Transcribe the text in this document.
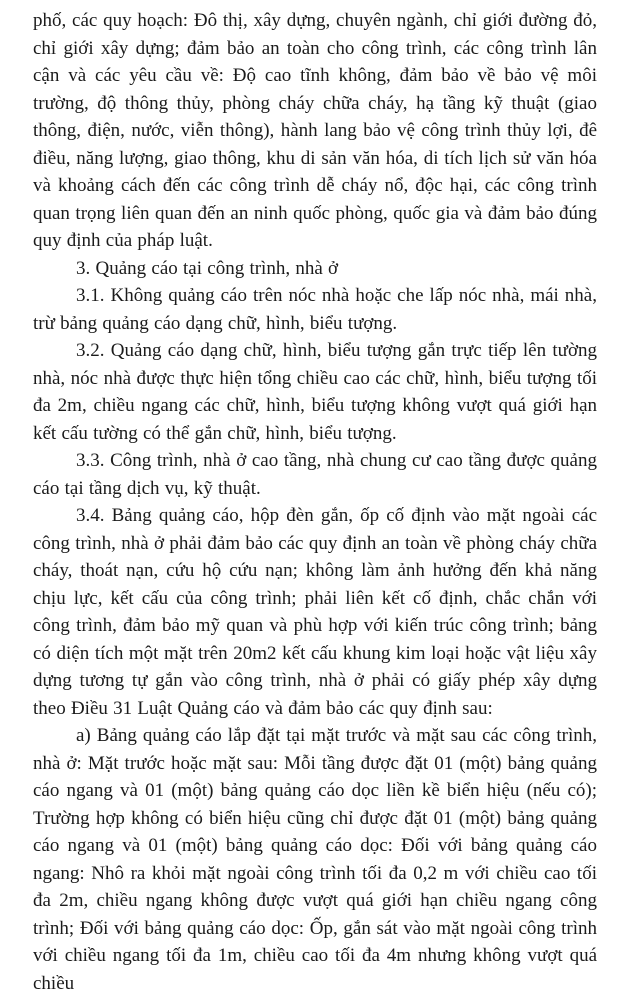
phố, các quy hoạch: Đô thị, xây dựng, chuyên ngành, chỉ giới đường đỏ, chỉ giới xây dựng; đảm bảo an toàn cho công trình, các công trình lân cận và các yêu cầu về: Độ cao tĩnh không, đảm bảo về bảo vệ môi trường, độ thông thủy, phòng cháy chữa cháy, hạ tầng kỹ thuật (giao thông, điện, nước, viễn thông), hành lang bảo vệ công trình thủy lợi, đê điều, năng lượng, giao thông, khu di sản văn hóa, di tích lịch sử văn hóa và khoảng cách đến các công trình dễ cháy nổ, độc hại, các công trình quan trọng liên quan đến an ninh quốc phòng, quốc gia và đảm bảo đúng quy định của pháp luật.

3. Quảng cáo tại công trình, nhà ở

3.1. Không quảng cáo trên nóc nhà hoặc che lấp nóc nhà, mái nhà, trừ bảng quảng cáo dạng chữ, hình, biểu tượng.

3.2. Quảng cáo dạng chữ, hình, biểu tượng gắn trực tiếp lên tường nhà, nóc nhà được thực hiện tổng chiều cao các chữ, hình, biểu tượng tối đa 2m, chiều ngang các chữ, hình, biểu tượng không vượt quá giới hạn kết cấu tường có thể gắn chữ, hình, biểu tượng.

3.3. Công trình, nhà ở cao tầng, nhà chung cư cao tầng được quảng cáo tại tầng dịch vụ, kỹ thuật.

3.4. Bảng quảng cáo, hộp đèn gắn, ốp cố định vào mặt ngoài các công trình, nhà ở phải đảm bảo các quy định an toàn về phòng cháy chữa cháy, thoát nạn, cứu hộ cứu nạn; không làm ảnh hưởng đến khả năng chịu lực, kết cấu của công trình; phải liên kết cố định, chắc chắn với công trình, đảm bảo mỹ quan và phù hợp với kiến trúc công trình; bảng có diện tích một mặt trên 20m2 kết cấu khung kim loại hoặc vật liệu xây dựng tương tự gắn vào công trình, nhà ở phải có giấy phép xây dựng theo Điều 31 Luật Quảng cáo và đảm bảo các quy định sau:

a) Bảng quảng cáo lắp đặt tại mặt trước và mặt sau các công trình, nhà ở: Mặt trước hoặc mặt sau: Mỗi tầng được đặt 01 (một) bảng quảng cáo ngang và 01 (một) bảng quảng cáo dọc liền kề biển hiệu (nếu có); Trường hợp không có biển hiệu cũng chỉ được đặt 01 (một) bảng quảng cáo ngang và 01 (một) bảng quảng cáo dọc: Đối với bảng quảng cáo ngang: Nhô ra khỏi mặt ngoài công trình tối đa 0,2 m với chiều cao tối đa 2m, chiều ngang không được vượt quá giới hạn chiều ngang công trình; Đối với bảng quảng cáo dọc: Ốp, gắn sát vào mặt ngoài công trình với chiều ngang tối đa 1m, chiều cao tối đa 4m nhưng không vượt quá chiều
